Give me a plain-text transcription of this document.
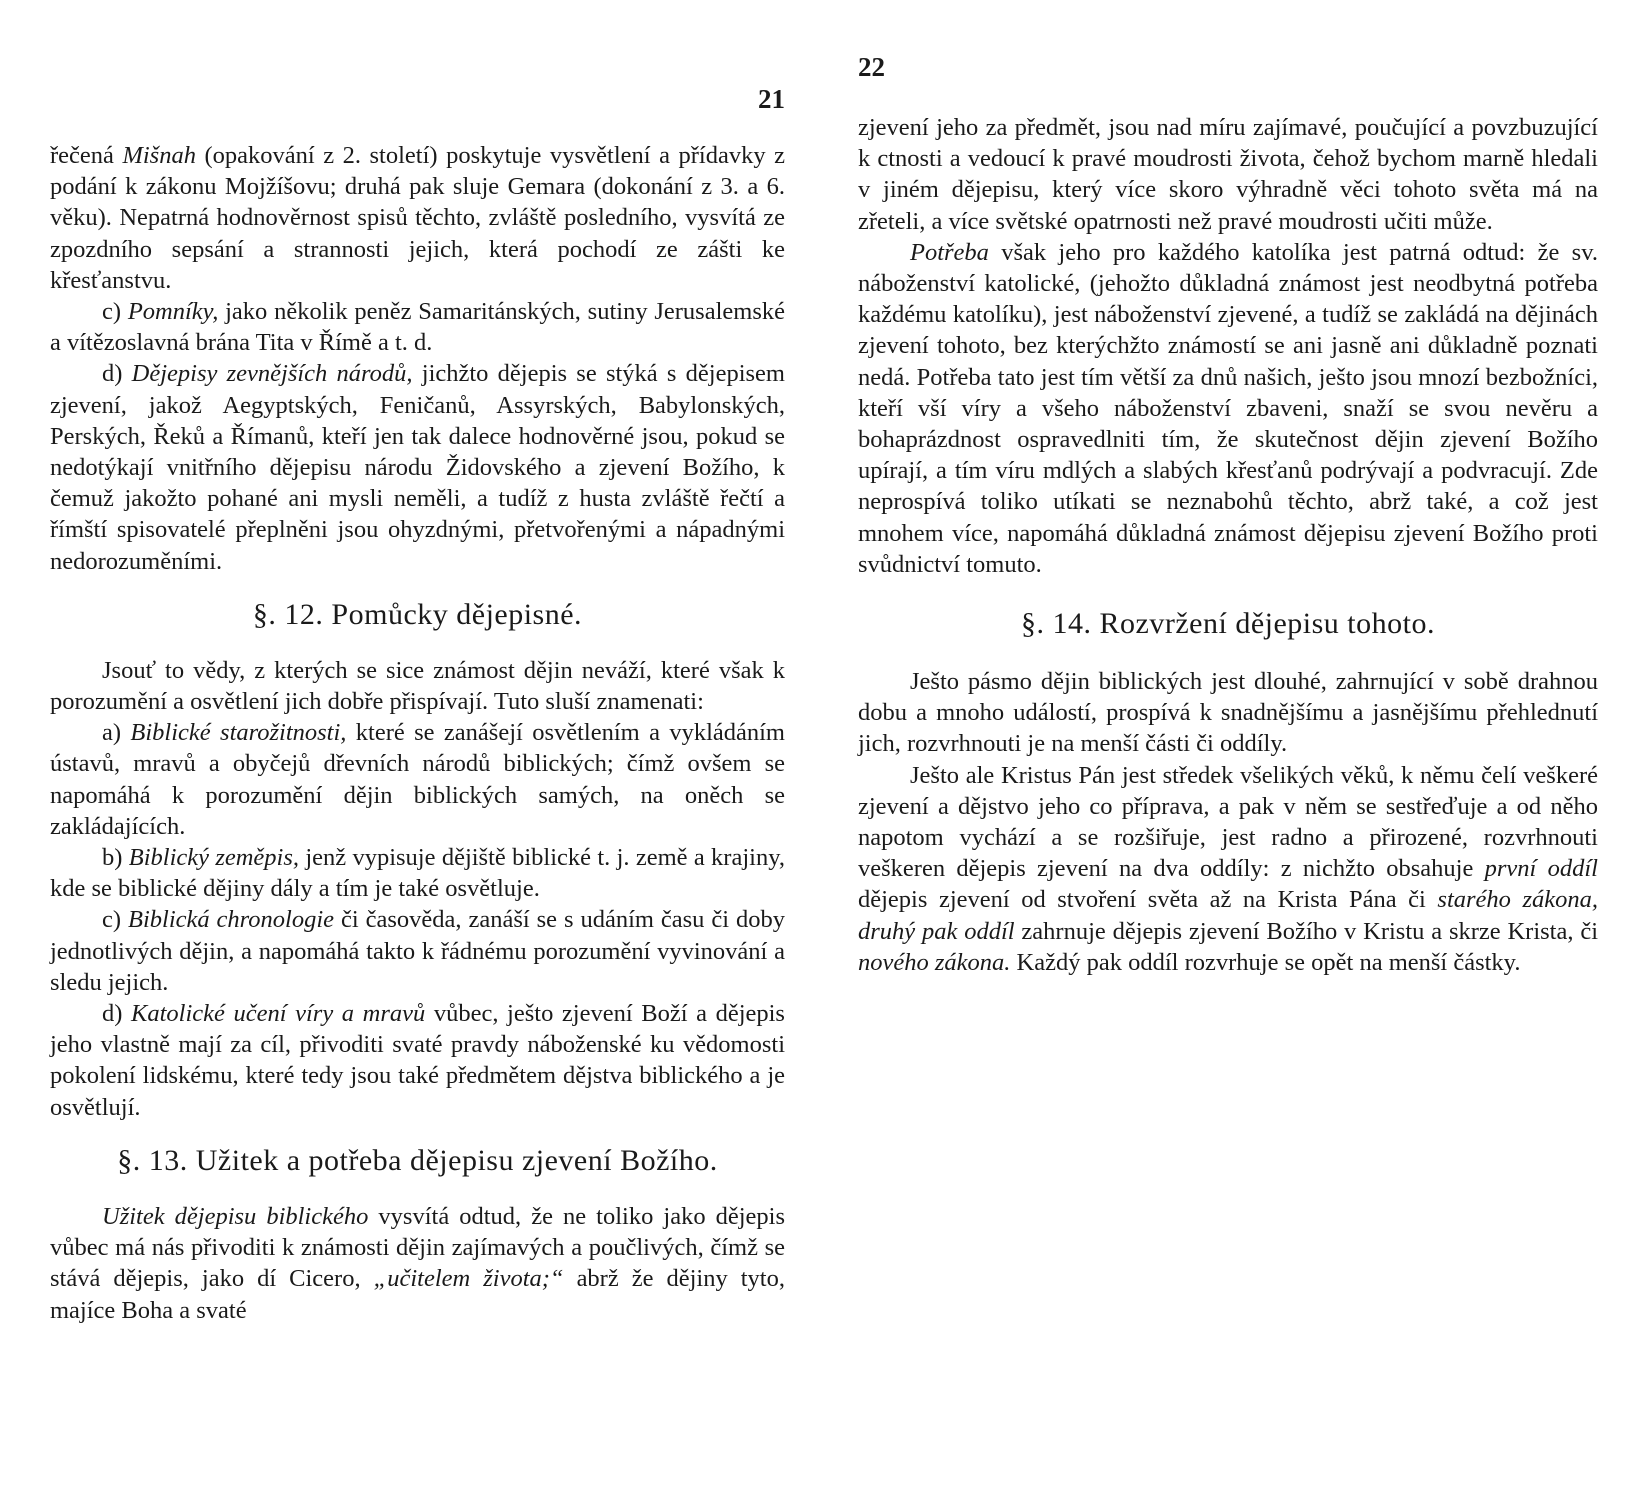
21

řečená Mišnah (opakování z 2. století) poskytuje vysvětlení a přídavky z podání k zákonu Mojžíšovu; druhá pak sluje Gemara (dokonání z 3. a 6. věku). Nepatrná hodnověrnost spisů těchto, zvláště posledního, vysvítá ze zpozdního sepsání a strannosti jejich, která pochodí ze zášti ke křesťanstvu.

c) Pomníky, jako několik peněz Samaritánských, sutiny Jerusalemské a vítězoslavná brána Tita v Římě a t. d.

d) Dějepisy zevnějších národů, jichžto dějepis se stýká s dějepisem zjevení, jakož Aegyptských, Feničanů, Assyrských, Babylonských, Perských, Řeků a Římanů, kteří jen tak dalece hodnověrné jsou, pokud se nedotýkají vnitřního dějepisu národu Židovského a zjevení Božího, k čemuž jakožto pohané ani mysli neměli, a tudíž z husta zvláště řečtí a římští spisovatelé přeplněni jsou ohyzdnými, přetvořenými a nápadnými nedorozuměními.

§. 12. Pomůcky dějepisné.

Jsouť to vědy, z kterých se sice známost dějin neváží, které však k porozumění a osvětlení jich dobře přispívají. Tuto sluší znamenati:

a) Biblické starožitnosti, které se zanášejí osvětlením a vykládáním ústavů, mravů a obyčejů dřevních národů biblických; čímž ovšem se napomáhá k porozumění dějin biblických samých, na oněch se zakládajících.

b) Biblický zeměpis, jenž vypisuje dějiště biblické t. j. země a krajiny, kde se biblické dějiny dály a tím je také osvětluje.

c) Biblická chronologie či časověda, zanáší se s udáním času či doby jednotlivých dějin, a napomáhá takto k řádnému porozumění vyvinování a sledu jejich.

d) Katolické učení víry a mravů vůbec, ješto zjevení Boží a dějepis jeho vlastně mají za cíl, přivoditi svaté pravdy náboženské ku vědomosti pokolení lidskému, které tedy jsou také předmětem dějstva biblického a je osvětlují.

§. 13. Užitek a potřeba dějepisu zjevení Božího.

Užitek dějepisu biblického vysvítá odtud, že ne toliko jako dějepis vůbec má nás přivoditi k známosti dějin zajímavých a poučlivých, čímž se stává dějepis, jako dí Cicero, „učitelem života;“ abrž že dějiny tyto, majíce Boha a svaté

22

zjevení jeho za předmět, jsou nad míru zajímavé, poučující a povzbuzující k ctnosti a vedoucí k pravé moudrosti života, čehož bychom marně hledali v jiném dějepisu, který více skoro výhradně věci tohoto světa má na zřeteli, a více světské opatrnosti než pravé moudrosti učiti může.

Potřeba však jeho pro každého katolíka jest patrná odtud: že sv. náboženství katolické, (jehožto důkladná známost jest neodbytná potřeba každému katolíku), jest náboženství zjevené, a tudíž se zakládá na dějinách zjevení tohoto, bez kterýchžto známostí se ani jasně ani důkladně poznati nedá. Potřeba tato jest tím větší za dnů našich, ješto jsou mnozí bezbožníci, kteří vší víry a všeho náboženství zbaveni, snaží se svou nevěru a bohaprázdnost ospravedlniti tím, že skutečnost dějin zjevení Božího upírají, a tím víru mdlých a slabých křesťanů podrývají a podvracují. Zde neprospívá toliko utíkati se neznabohů těchto, abrž také, a což jest mnohem více, napomáhá důkladná známost dějepisu zjevení Božího proti svůdnictví tomuto.

§. 14. Rozvržení dějepisu tohoto.

Ješto pásmo dějin biblických jest dlouhé, zahrnující v sobě drahnou dobu a mnoho událostí, prospívá k snadnějšímu a jasnějšímu přehlednutí jich, rozvrhnouti je na menší části či oddíly.

Ješto ale Kristus Pán jest středek všelikých věků, k němu čelí veškeré zjevení a dějstvo jeho co příprava, a pak v něm se sestřeďuje a od něho napotom vychází a se rozšiřuje, jest radno a přirozené, rozvrhnouti veškeren dějepis zjevení na dva oddíly: z nichžto obsahuje první oddíl dějepis zjevení od stvoření světa až na Krista Pána či starého zákona, druhý pak oddíl zahrnuje dějepis zjevení Božího v Kristu a skrze Krista, či nového zákona. Každý pak oddíl rozvrhuje se opět na menší částky.
